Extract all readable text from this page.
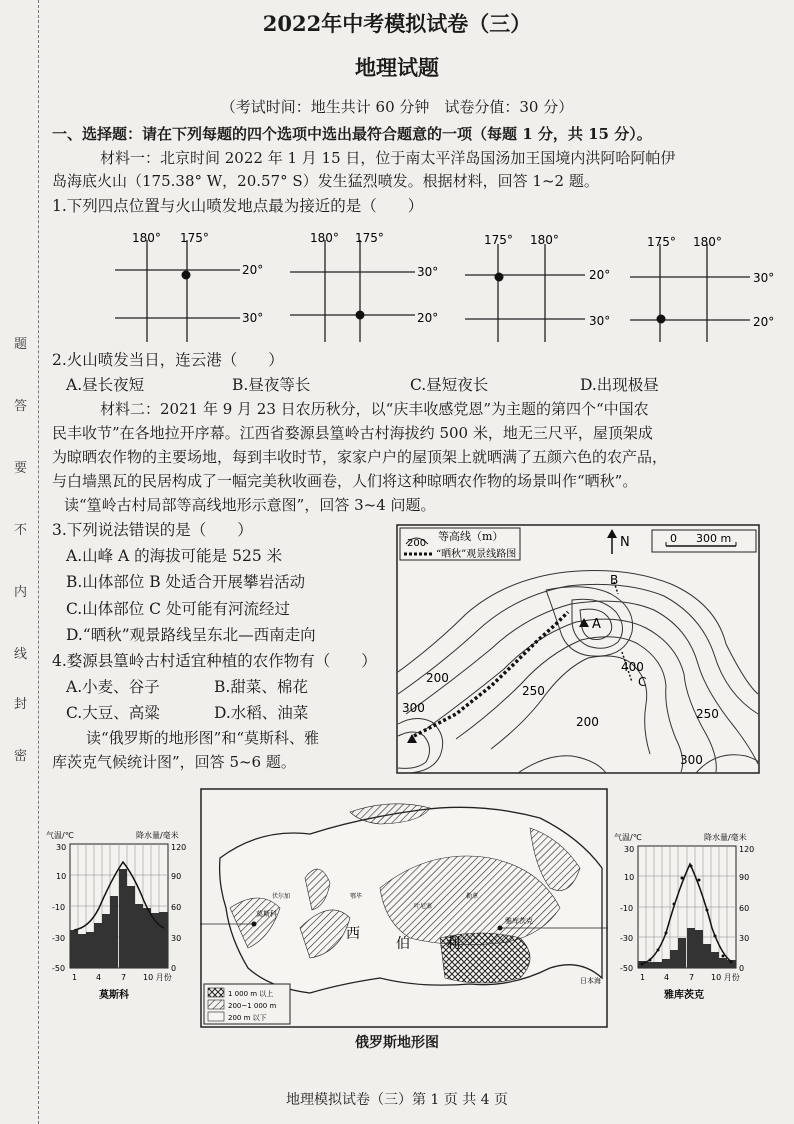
题
答
要
不
内
线
封
密
2022年中考模拟试卷（三）
地理试题
（考试时间：地生共计 60 分钟　试卷分值：30 分）
一、选择题：请在下列每题的四个选项中选出最符合题意的一项（每题 1 分，共 15 分）。
材料一：北京时间 2022 年 1 月 15 日，位于南太平洋岛国汤加王国境内洪阿哈阿帕伊
岛海底火山（175.38° W，20.57° S）发生猛烈喷发。根据材料，回答 1~2 题。
1.下列四点位置与火山喷发地点最为接近的是（　　）
180° 175°
20°
30°
180° 175°
30°
20°
175° 180°
20°
30°
175° 180°
30°
20°
2.火山喷发当日，连云港（　　）
A.昼长夜短	B.昼夜等长	C.昼短夜长	D.出现极昼
材料二：2021 年 9 月 23 日农历秋分，以“庆丰收感党恩”为主题的第四个“中国农
民丰收节”在各地拉开序幕。江西省婺源县篁岭古村海拔约 500 米，地无三尺平，屋顶架成
为晾晒农作物的主要场地，每到丰收时节，家家户户的屋顶架上就晒满了五颜六色的农产品，
与白墙黑瓦的民居构成了一幅完美秋收画卷，人们将这种晾晒农作物的场景叫作“晒秋”。
读“篁岭古村局部等高线地形示意图”，回答 3~4 问题。
3.下列说法错误的是（　　）
A.山峰 A 的海拔可能是 525 米
B.山体部位 B 处适合开展攀岩活动
C.山体部位 C 处可能有河流经过
D.“晒秋”观景路线呈东北—西南走向
4.婺源县篁岭古村适宜种植的农作物有（　　）
A.小麦、谷子	B.甜菜、棉花
C.大豆、高粱	D.水稻、油菜
读“俄罗斯的地形图”和“莫斯科、雅
库茨克气候统计图”，回答 5~6 题。
200
等高线（m）
“晒秋”观景线路图
N	0 300 m
A
B
C
200
250
300
400
200
250
300
气温/℃	降水量/毫米
30
10
-10
-30
-50
120
90
60
30
0
1 4 7 10 月份
莫斯科
气温/℃	降水量/毫米
30
10
-10
-30
-50
120
90
60
30
0
1 4 7 10 月份
雅库茨克
莫斯科
雅库茨克
西
伯	利
日本海
伏尔加	鄂毕
叶尼塞
勒拿
1 000 m 以上
200~1 000 m
200 m 以下
俄罗斯地形图
地理模拟试卷（三）第 1 页 共 4 页
